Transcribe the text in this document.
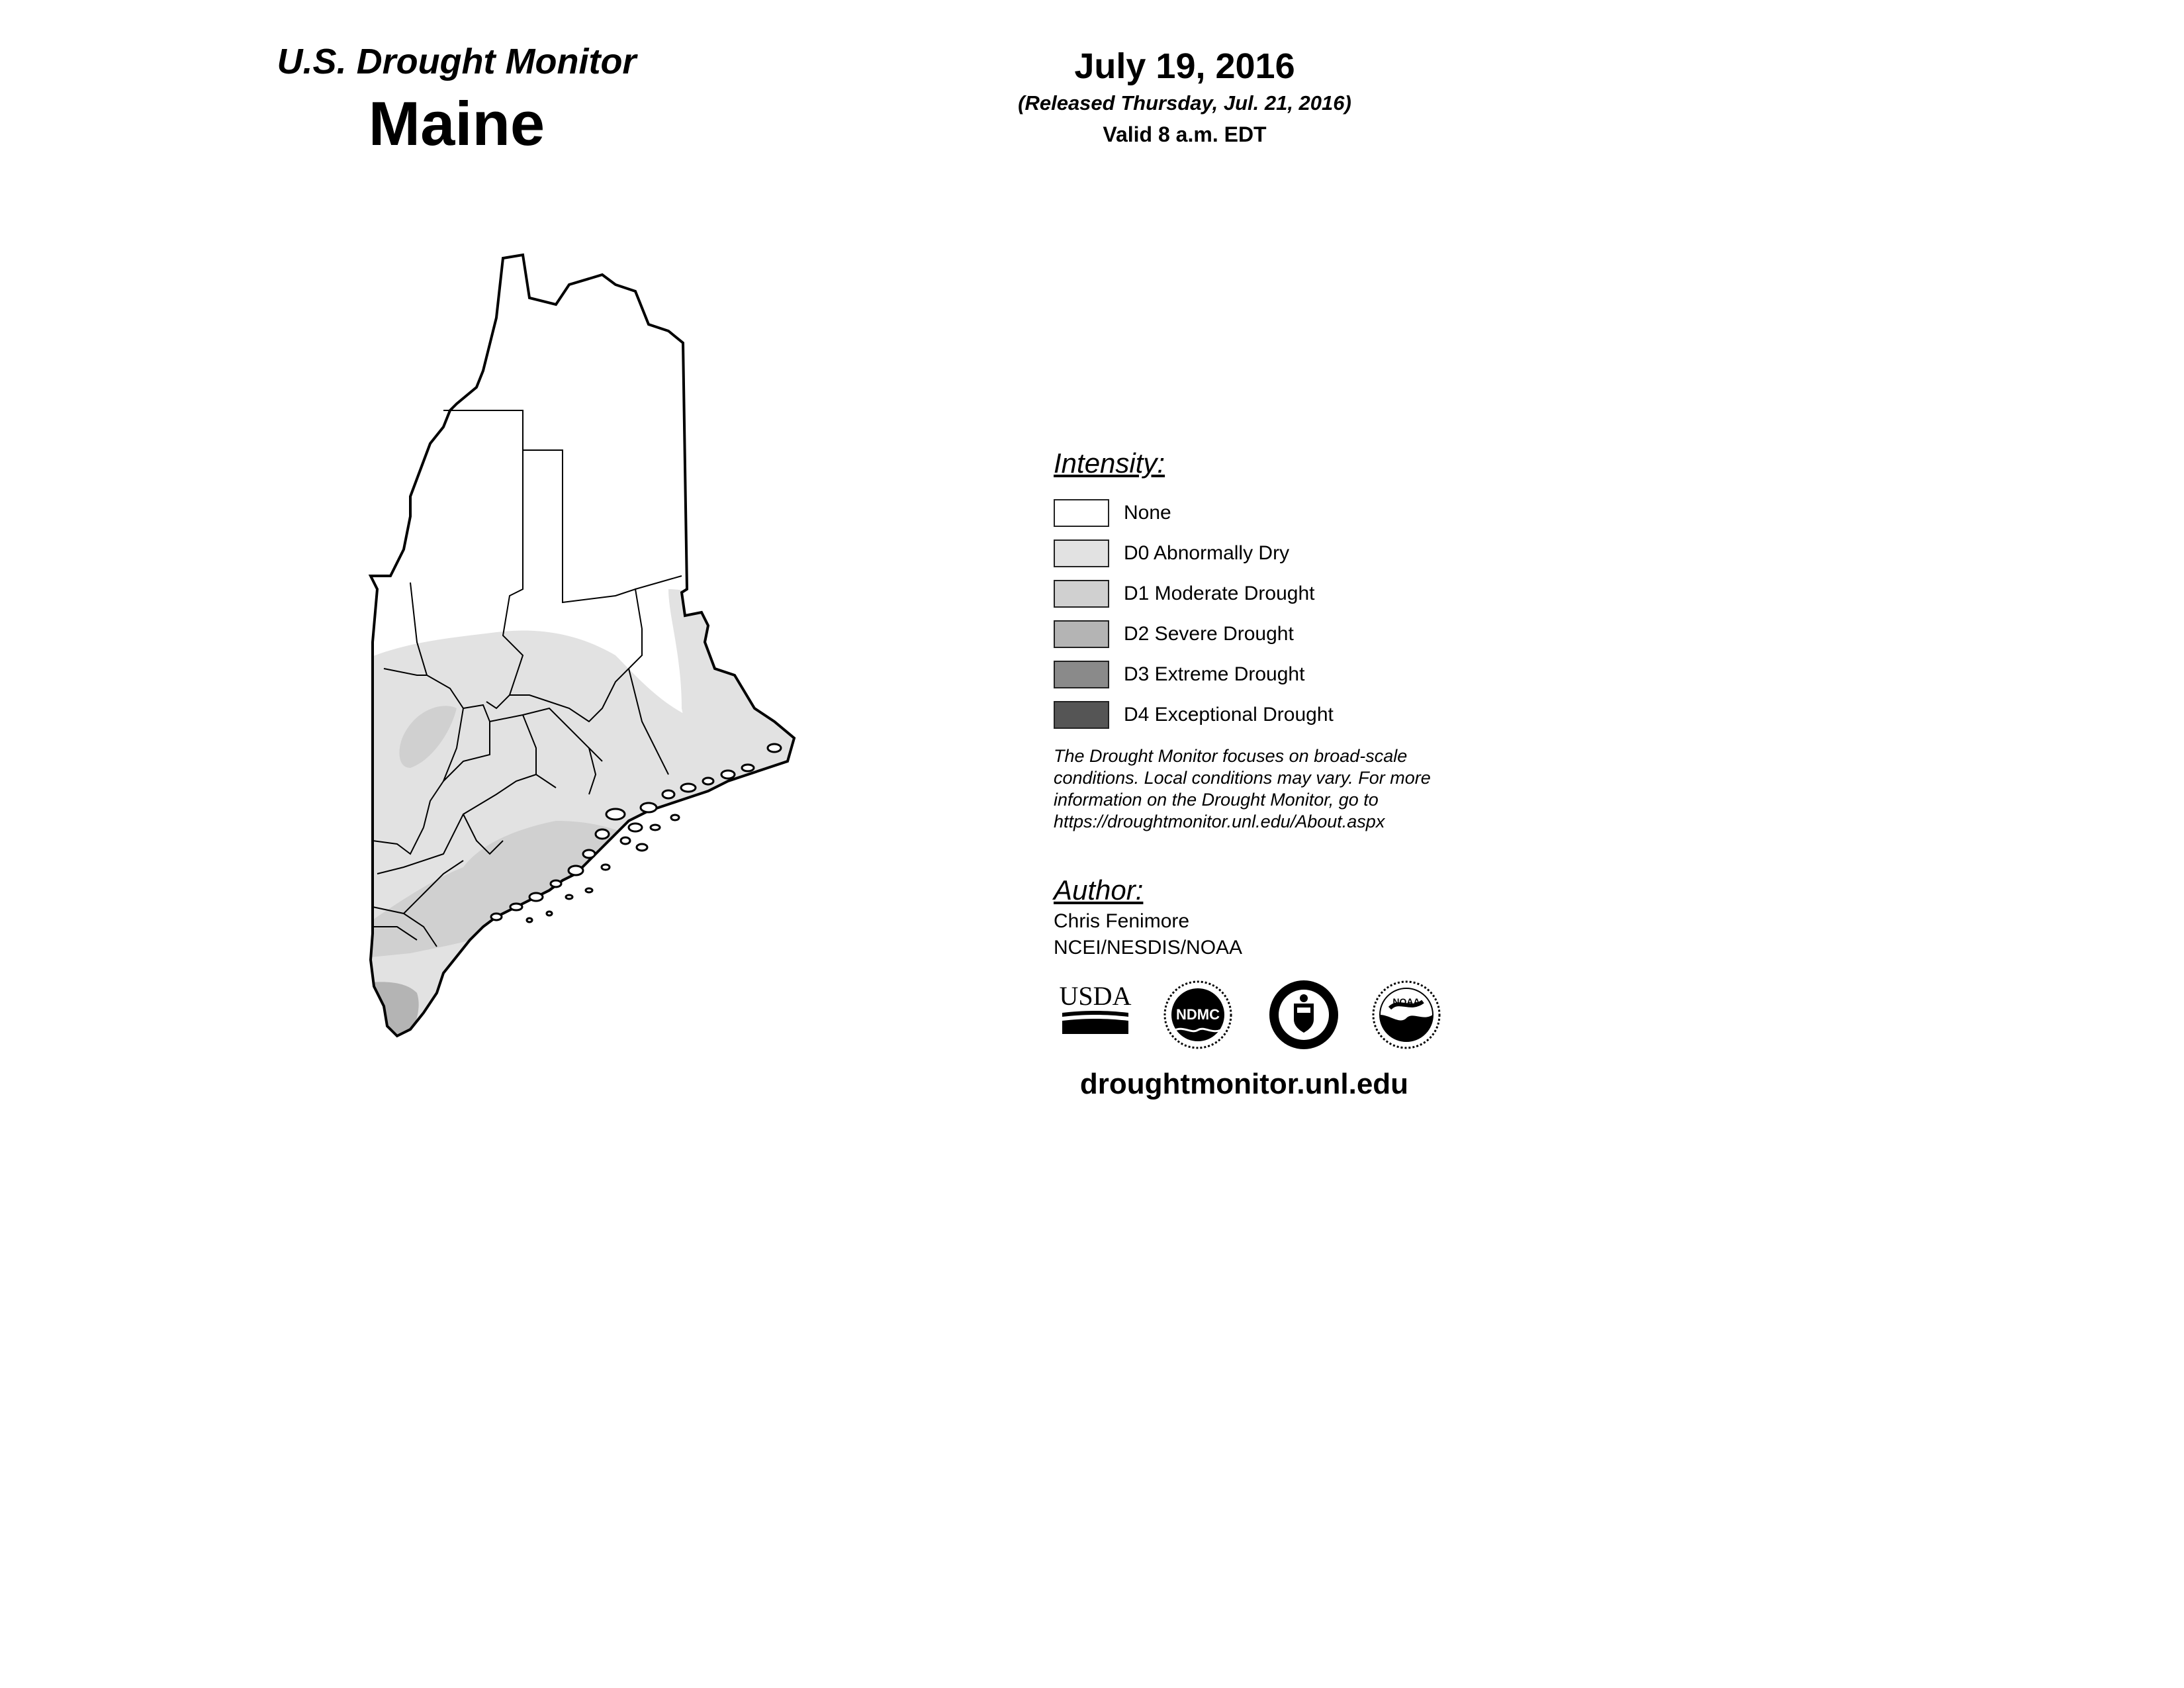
U.S. Drought Monitor
Maine
July 19, 2016
(Released Thursday, Jul. 21, 2016)
Valid 8 a.m. EDT
Intensity:
None
D0 Abnormally Dry
D1 Moderate Drought
D2 Severe Drought
D3 Extreme Drought
D4 Exceptional Drought
The Drought Monitor focuses on broad-scale
conditions. Local conditions may vary. For more
information on the Drought Monitor, go to
https://droughtmonitor.unl.edu/About.aspx
Author:
Chris Fenimore
NCEI/NESDIS/NOAA
USDA
NDMC
NOAA
droughtmonitor.unl.edu
